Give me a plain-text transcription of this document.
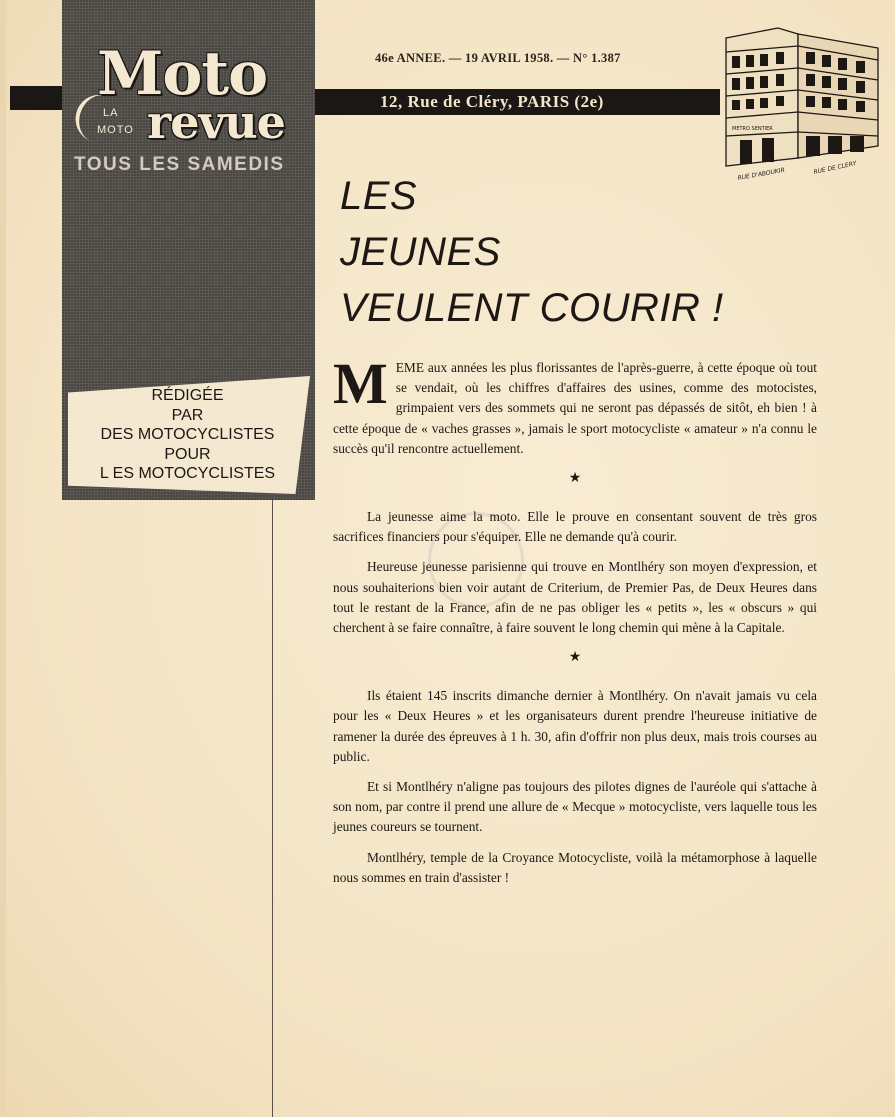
Moto
LA
MOTO revue
TOUS LES SAMEDIS
RÉDIGÉE
PAR
DES MOTOCYCLISTES
POUR
L ES MOTOCYCLISTES
46e ANNEE. — 19 AVRIL 1958. — N° 1.387
12, Rue de Cléry, PARIS (2e)
METRO SENTIER
RUE D'ABOUKIR	RUE DE CLERY
LES
JEUNES
VEULENT COURIR !

MEME aux années les plus florissantes de l'après-guerre, à cette époque où tout se vendait, où les chiffres d'affaires des usines, comme des motocistes, grimpaient vers des sommets qui ne seront pas dépassés de sitôt, eh bien ! à cette époque de « vaches grasses », jamais le sport motocycliste « amateur » n'a connu le succès qu'il rencontre actuellement.

★

La jeunesse aime la moto. Elle le prouve en consentant souvent de très gros sacrifices financiers pour s'équiper. Elle ne demande qu'à courir.

Heureuse jeunesse parisienne qui trouve en Montlhéry son moyen d'expression, et nous souhaiterions bien voir autant de Criterium, de Premier Pas, de Deux Heures dans tout le restant de la France, afin de ne pas obliger les « petits », les « obscurs » qui cherchent à se faire connaître, à faire souvent le long chemin qui mène à la Capitale.

★

Ils étaient 145 inscrits dimanche dernier à Montlhéry. On n'avait jamais vu cela pour les « Deux Heures » et les organisateurs durent prendre l'heureuse initiative de ramener la durée des épreuves à 1 h. 30, afin d'offrir non plus deux, mais trois courses au public.

Et si Montlhéry n'aligne pas toujours des pilotes dignes de l'auréole qui s'attache à son nom, par contre il prend une allure de « Mecque » motocycliste, vers laquelle tous les jeunes coureurs se tournent.

Montlhéry, temple de la Croyance Motocycliste, voilà la métamorphose à laquelle nous sommes en train d'assister !
